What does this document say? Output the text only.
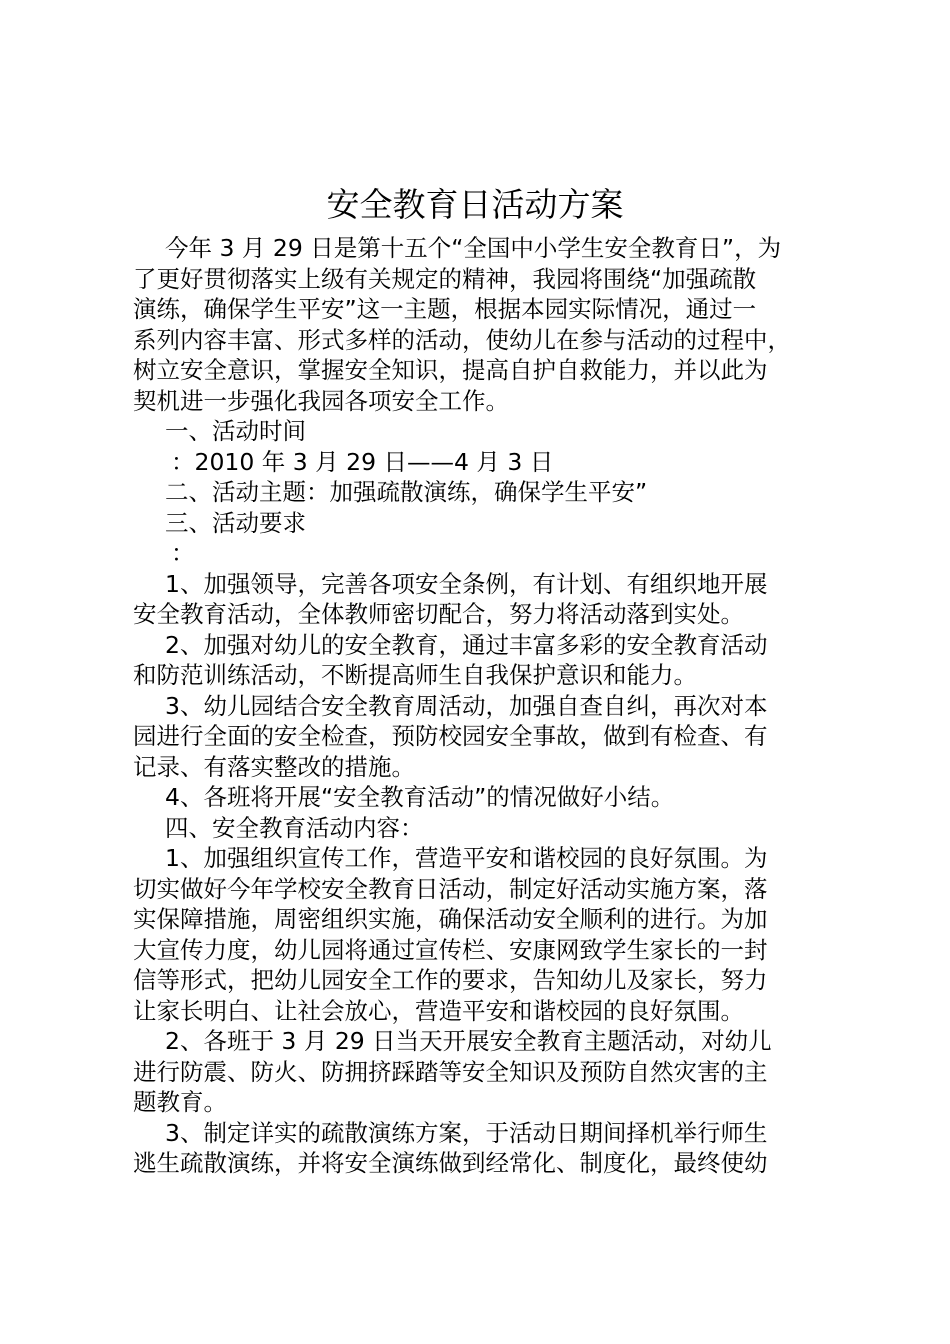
安全教育日活动方案

今年 3 月 29 日是第十五个“全国中小学生安全教育日”，为

了更好贯彻落实上级有关规定的精神，我园将围绕“加强疏散

演练，确保学生平安”这一主题，根据本园实际情况，通过一

系列内容丰富、形式多样的活动，使幼儿在参与活动的过程中，

树立安全意识，掌握安全知识，提高自护自救能力，并以此为

契机进一步强化我园各项安全工作。

一、活动时间

：2010 年 3 月 29 日——4 月 3 日

二、活动主题：加强疏散演练，确保学生平安”

三、活动要求

：

1、加强领导，完善各项安全条例，有计划、有组织地开展

安全教育活动，全体教师密切配合，努力将活动落到实处。

2、加强对幼儿的安全教育，通过丰富多彩的安全教育活动

和防范训练活动，不断提高师生自我保护意识和能力。

3、幼儿园结合安全教育周活动，加强自查自纠，再次对本

园进行全面的安全检查，预防校园安全事故，做到有检查、有

记录、有落实整改的措施。

4、各班将开展“安全教育活动”的情况做好小结。

四、安全教育活动内容：

1、加强组织宣传工作，营造平安和谐校园的良好氛围。为

切实做好今年学校安全教育日活动，制定好活动实施方案，落

实保障措施，周密组织实施，确保活动安全顺利的进行。为加

大宣传力度，幼儿园将通过宣传栏、安康网致学生家长的一封

信等形式，把幼儿园安全工作的要求，告知幼儿及家长，努力

让家长明白、让社会放心，营造平安和谐校园的良好氛围。

2、各班于 3 月 29 日当天开展安全教育主题活动，对幼儿

进行防震、防火、防拥挤踩踏等安全知识及预防自然灾害的主

题教育。

3、制定详实的疏散演练方案，于活动日期间择机举行师生

逃生疏散演练，并将安全演练做到经常化、制度化，最终使幼
